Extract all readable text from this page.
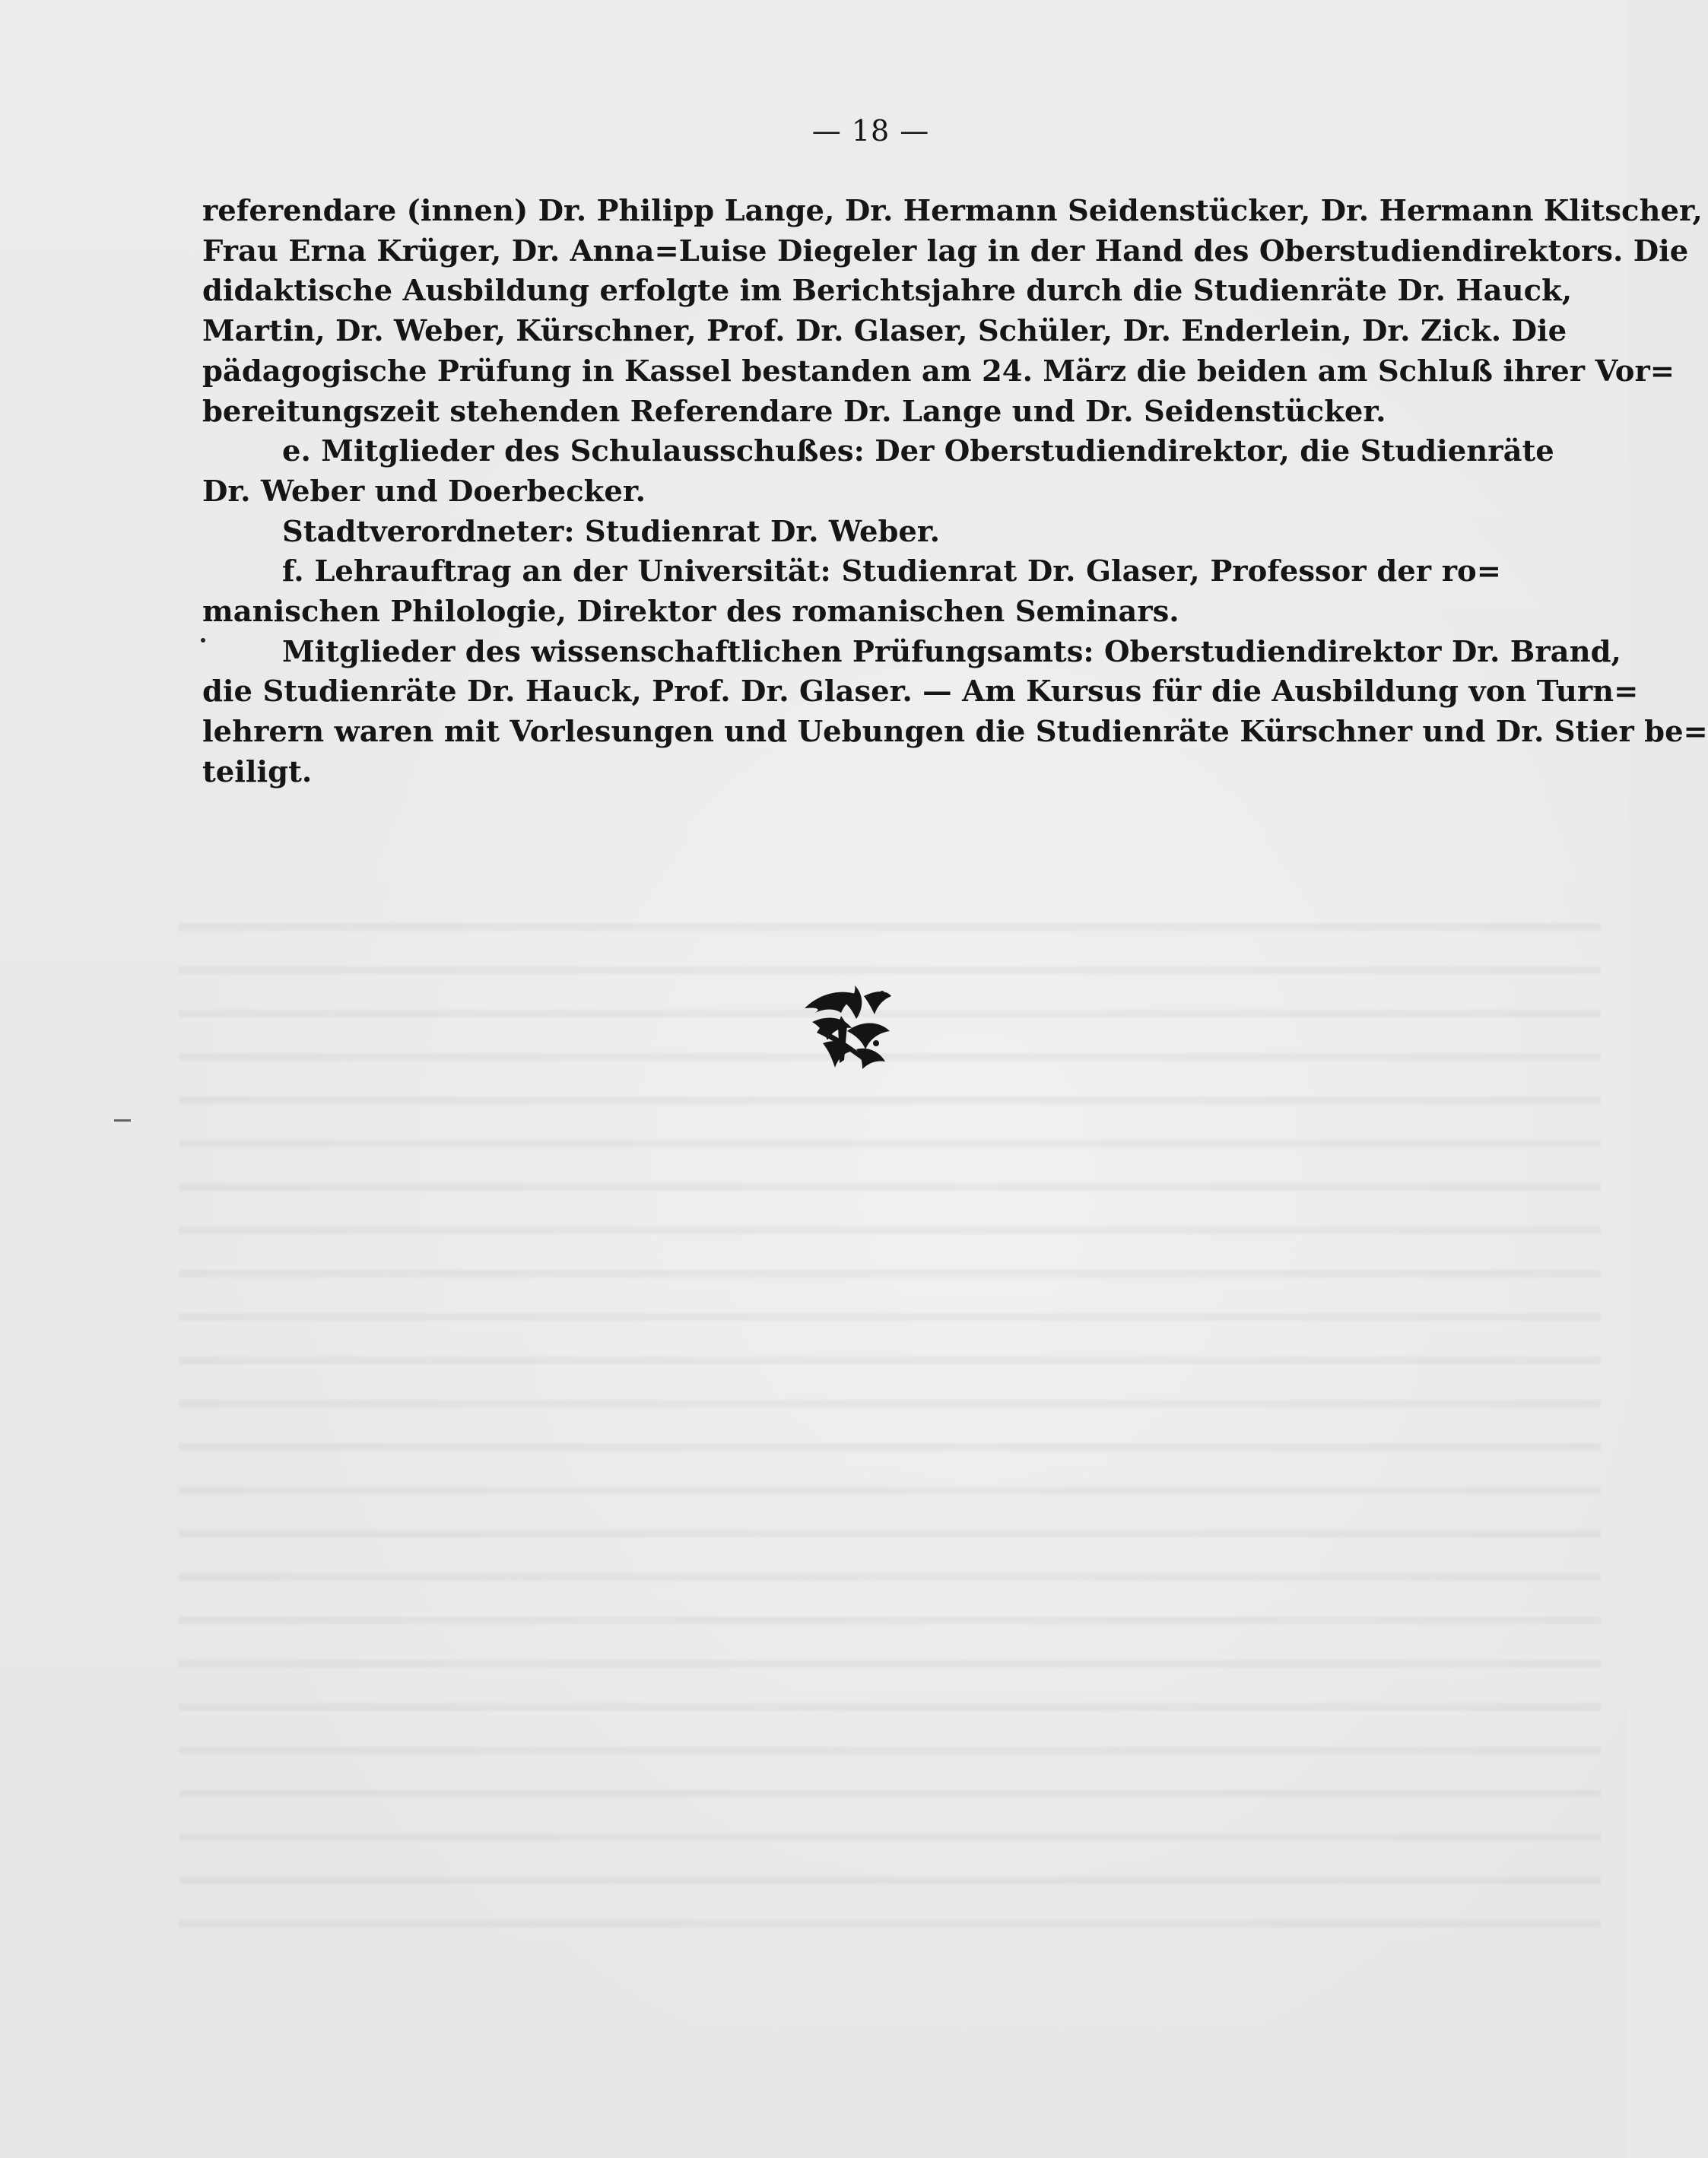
— 18 —
referendare (innen) Dr. Philipp Lange, Dr. Hermann Seidenstücker, Dr. Hermann Klitscher,
Frau Erna Krüger, Dr. Anna=Luise Diegeler lag in der Hand des Oberstudiendirektors. Die
didaktische Ausbildung erfolgte im Berichtsjahre durch die Studienräte Dr. Hauck,
Martin, Dr. Weber, Kürschner, Prof. Dr. Glaser, Schüler, Dr. Enderlein, Dr. Zick. Die
pädagogische Prüfung in Kassel bestanden am 24. März die beiden am Schluß ihrer Vor=
bereitungszeit stehenden Referendare Dr. Lange und Dr. Seidenstücker.
e. Mitglieder des Schulausschußes: Der Oberstudiendirektor, die Studienräte
Dr. Weber und Doerbecker.
Stadtverordneter: Studienrat Dr. Weber.
f. Lehrauftrag an der Universität: Studienrat Dr. Glaser, Professor der ro=
manischen Philologie, Direktor des romanischen Seminars.
Mitglieder des wissenschaftlichen Prüfungsamts: Oberstudiendirektor Dr. Brand,
die Studienräte Dr. Hauck, Prof. Dr. Glaser. — Am Kursus für die Ausbildung von Turn=
lehrern waren mit Vorlesungen und Uebungen die Studienräte Kürschner und Dr. Stier be=
teiligt.
